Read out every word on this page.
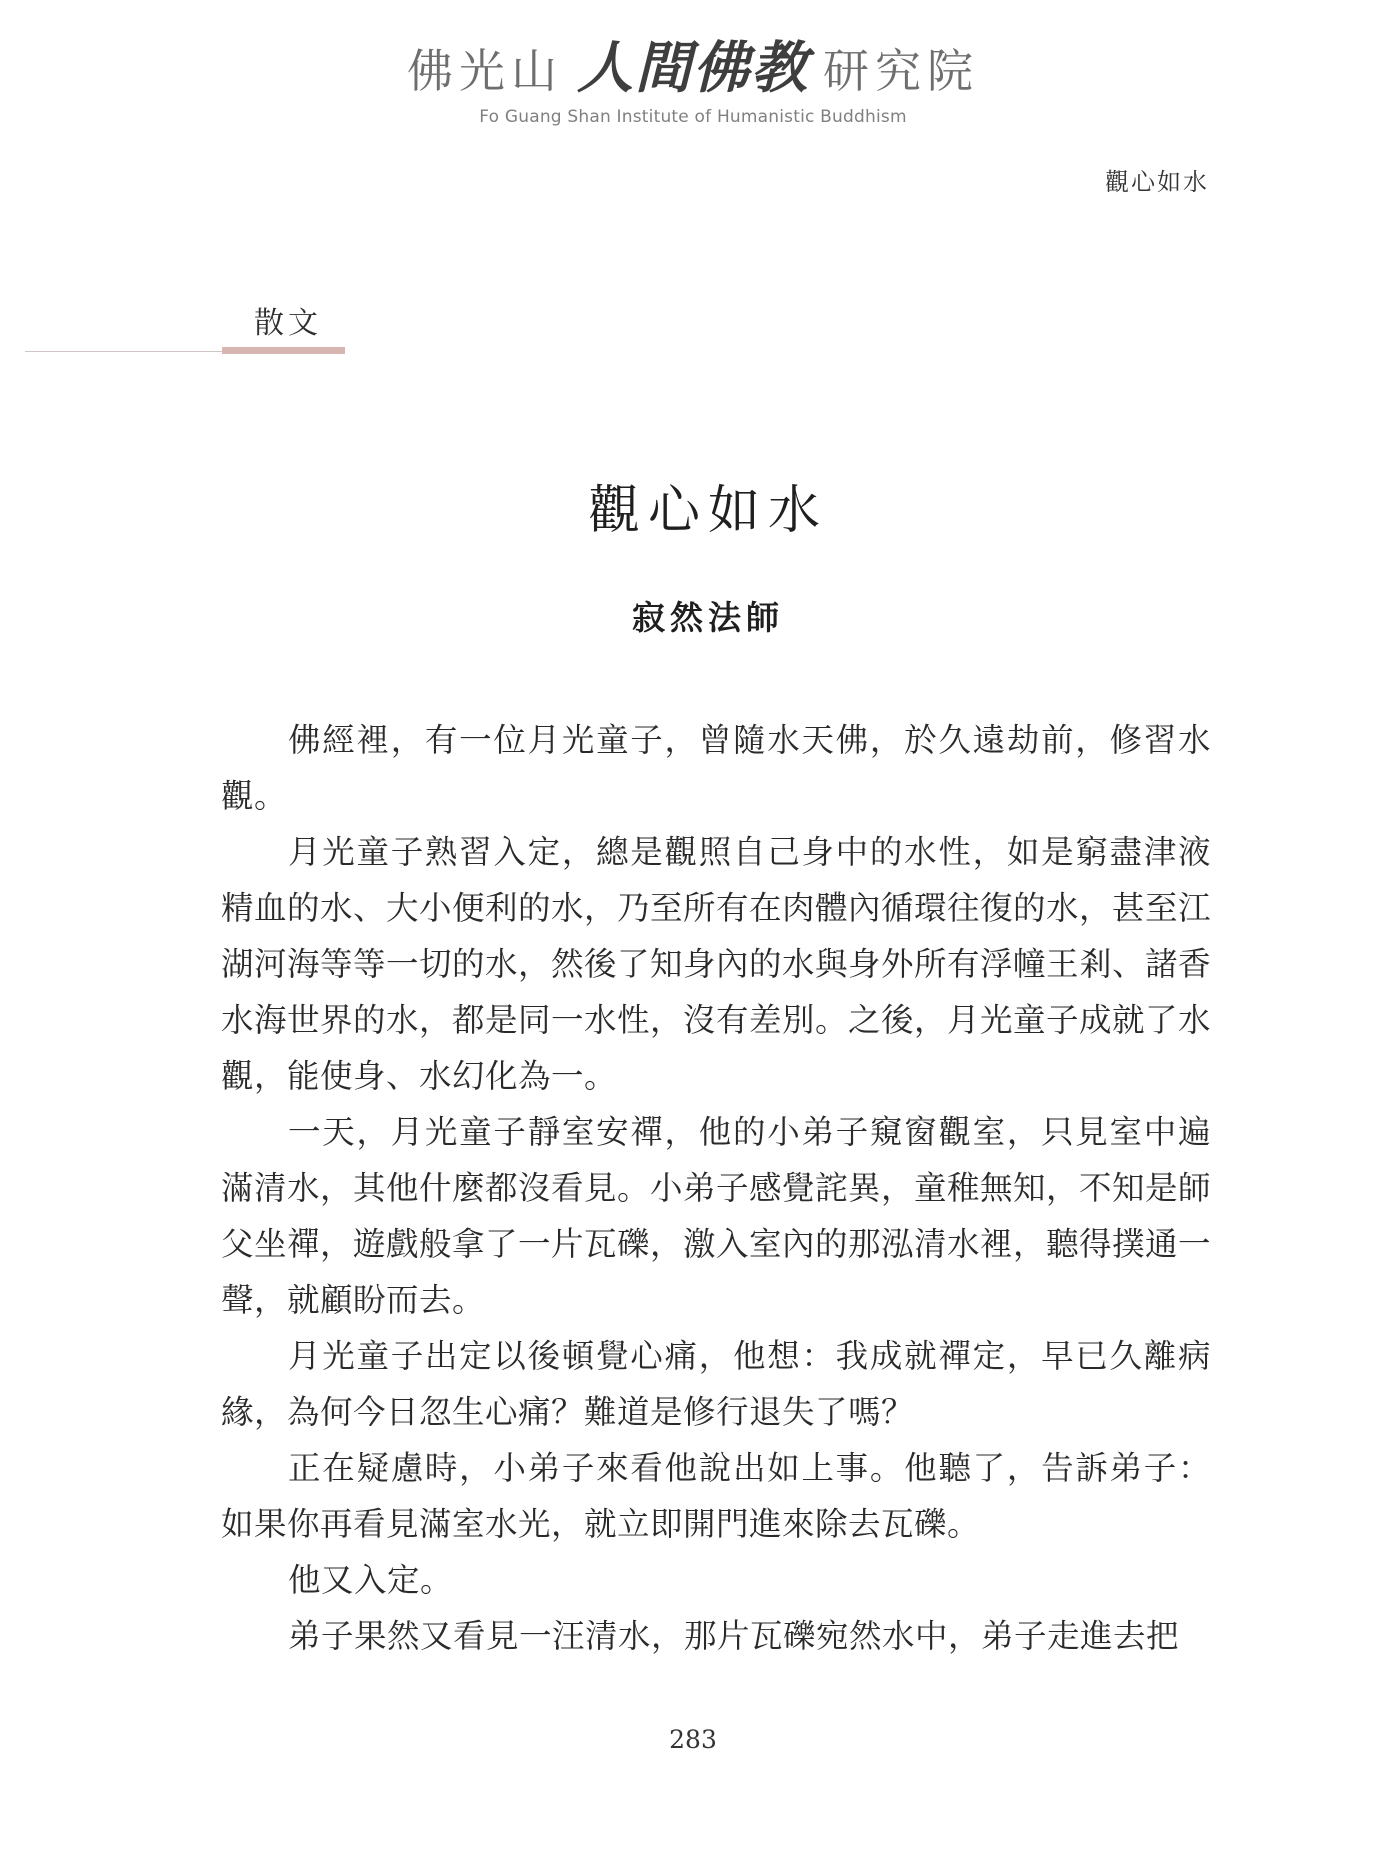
佛光山 人間佛教 研究院
Fo Guang Shan Institute of Humanistic Buddhism
觀心如水
散文
觀心如水
寂然法師

佛經裡，有一位月光童子，曾隨水天佛，於久遠劫前，修習水觀。

月光童子熟習入定，總是觀照自己身中的水性，如是窮盡津液精血的水、大小便利的水，乃至所有在肉體內循環往復的水，甚至江湖河海等等一切的水，然後了知身內的水與身外所有浮幢王剎、諸香水海世界的水，都是同一水性，沒有差別。之後，月光童子成就了水觀，能使身、水幻化為一。

一天，月光童子靜室安禪，他的小弟子窺窗觀室，只見室中遍滿清水，其他什麼都沒看見。小弟子感覺詫異，童稚無知，不知是師父坐禪，遊戲般拿了一片瓦礫，激入室內的那泓清水裡，聽得撲通一聲，就顧盼而去。

月光童子出定以後頓覺心痛，他想：我成就禪定，早已久離病緣，為何今日忽生心痛？難道是修行退失了嗎？

正在疑慮時，小弟子來看他說出如上事。他聽了，告訴弟子：如果你再看見滿室水光，就立即開門進來除去瓦礫。

他又入定。

弟子果然又看見一汪清水，那片瓦礫宛然水中，弟子走進去把

283
